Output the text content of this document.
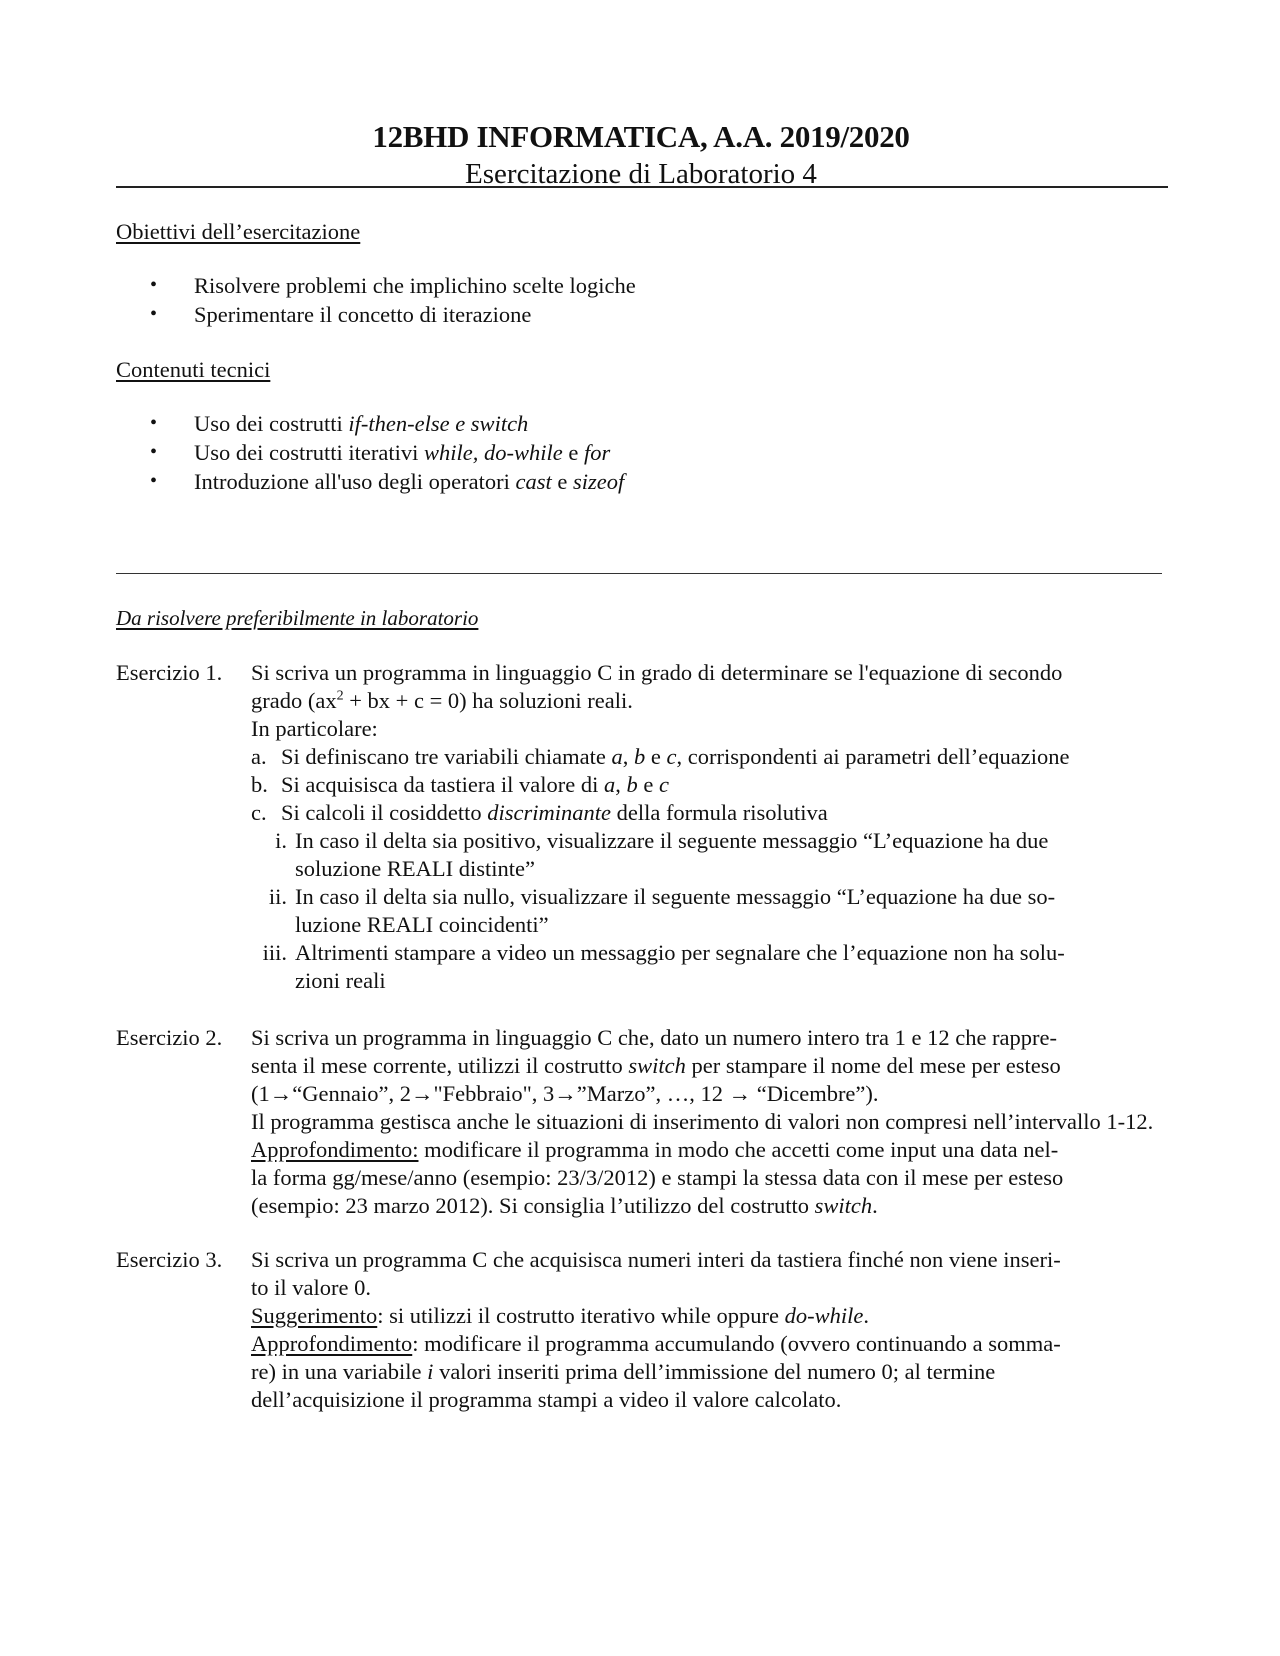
12BHD INFORMATICA, A.A. 2019/2020
Esercitazione di Laboratorio 4
Obiettivi dell’esercitazione
• Risolvere problemi che implichino scelte logiche
• Sperimentare il concetto di iterazione
Contenuti tecnici
• Uso dei costrutti if-then-else e switch
• Uso dei costrutti iterativi while, do-while e for
• Introduzione all'uso degli operatori cast e sizeof
Da risolvere preferibilmente in laboratorio
Esercizio 1. Si scriva un programma in linguaggio C in grado di determinare se l'equazione di secondo
grado ($ax^2$ + bx + c = 0) ha soluzioni reali.
In particolare:
a. Si definiscano tre variabili chiamate a, b e c, corrispondenti ai parametri dell’equazione
b. Si acquisisca da tastiera il valore di a, b e c
c. Si calcoli il cosiddetto discriminante della formula risolutiva
i. In caso il delta sia positivo, visualizzare il seguente messaggio “L’equazione ha due
soluzione REALI distinte”
ii. In caso il delta sia nullo, visualizzare il seguente messaggio “L’equazione ha due so-
luzione REALI coincidenti”
iii. Altrimenti stampare a video un messaggio per segnalare che l’equazione non ha solu-
zioni reali
Esercizio 2. Si scriva un programma in linguaggio C che, dato un numero intero tra 1 e 12 che rappre-
senta il mese corrente, utilizzi il costrutto switch per stampare il nome del mese per esteso
(1→“Gennaio”, 2→"Febbraio", 3→”Marzo”, …, 12 → “Dicembre”).
Il programma gestisca anche le situazioni di inserimento di valori non compresi nell’intervallo 1-12.
Approfondimento: modificare il programma in modo che accetti come input una data nel-
la forma gg/mese/anno (esempio: 23/3/2012) e stampi la stessa data con il mese per esteso
(esempio: 23 marzo 2012). Si consiglia l’utilizzo del costrutto switch.
Esercizio 3. Si scriva un programma C che acquisisca numeri interi da tastiera finché non viene inseri-
to il valore 0.
Suggerimento: si utilizzi il costrutto iterativo while oppure do-while.
Approfondimento: modificare il programma accumulando (ovvero continuando a somma-
re) in una variabile i valori inseriti prima dell’immissione del numero 0; al termine
dell’acquisizione il programma stampi a video il valore calcolato.
